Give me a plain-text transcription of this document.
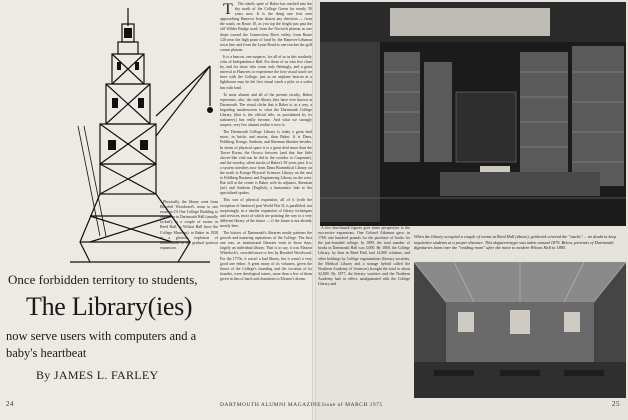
Once forbidden territory to students,
The Library(ies)
now serve users with computers and a baby's heartbeat
By JAMES L. FARLEY

T The stately spire of Baker has reached into the sky north of the College Green for nearly 50 years now. It is the thing one first sees approaching Hanover from almost any direction — from the south, on Route 10, as you top the height just past the old Wilder Bridge road; from the Norwich plateau as one drops toward the Connecticut River valley; from Route 120 near the high point of land by the Hanover-Lebanon town line; and from the Lyme Road as one reaches the golf course plateau.

It is a beacon, one suspects, for all of us in this northerly echo of Independence Hall. For those of us who live close by, and for those who come only fleetingly, and a great interval to Hanover, to experience the first visual touch we have with the College, just as an airplane beacon at a lighthouse may be the first visual touch a pilot or a sailor has with land.

To most alumni and all of the present faculty, Baker represents, also, the only library they have ever known at Dartmouth. The visual cliche that is Baker is, in a way, a beguiling smokescreen to what the Dartmouth College Library (that is the official title, as proclaimed by its stationery) has really become. And what we strongly suspect, very few alumni realize it now is.

The Dartmouth College Library is today a great deal more, in bricks and mortar, than Baker. It is Dana, Feldberg, Kresge, Sanborn, and Sherman libraries besides. In terms of physical space it is a great deal more than the Tower Room, the Orozco frescoes (and that fine little alcove-like vital run he did in the corridor to Carpenter), and the woodsy, silent stacks of Baker's 50 years past. It is a system stretches now from Dana Biomedical Library on the north to Kresge Physical Sciences Library on the east to Feldberg Business and Engineering Library on the west. But still at the center is Baker with its adjuncts, Sherman (art) and Sanborn (English), a humanistic hub to the specialized spokes.

This sort of physical expansion, all of it (with the exception of Sanborn) post World War II, is paralleled, not surprisingly, in a similar expansion of library techniques and services, most of which are pointing the way to a very different library of the future — if the future is not already mostly here.

The history of Dartmouth's libraries neatly patterns the growth and maturing aspirations of the College. The first one was, as institutional libraries went in those days, largely an individual library. That is to say, it was Eleazar Wheelock's, crowded more or less by Bezaleel Woodward. For the 1770s, it wasn't a bad library, but it wasn't a very good one either. A great many of its volumes, given the thrust of the College's founding and the vocation of its founder, were theological tomes, more than a few of them given in lieu of hard cash donations to Eleazar's dream.

Physically, the library went from Bezaleel Woodward's room to one room in Ol One College Building to one room in Dartmouth Hall (usually locked), to a couple of rooms in Reed Hall, to Wilson Hall (now the College Museum), to Baker in 1928 in a glorious explosion of bibliomania, to the gradual postwar expansion.

A few benchmark figures give some perspective to the successive expansions. One Colonel Atkinson gave, in 1769, one hundred pounds for the purchase of books for the just-founded college. In 1809, the total number of books in Dartmouth Hall was 3,000. By 1860, the College Library, by then in Reed Hall, had 14,800 volumes, and other holdings by College organizations (literary societies, the Medical Library and a strange hybrid called the Northern Academy of Sciences) brought the total to about 32,000. By 1877, the literary societies and the Northern Academy had, in effect, amalgamated with the College Library and

When the library occupied a couple of rooms in Reed Hall (above), gridwork covered the "stacks" ... no doubt to keep inquisitive students at a proper distance. This daguerreotype was taken around 1870. Below, portraits of Dartmouth dignitaries loom over the "reading room" after the move to modern Wilson Hall in 1885.
24	DARTMOUTH ALUMNI MAGAZINE Issue of MARCH 1975	25
